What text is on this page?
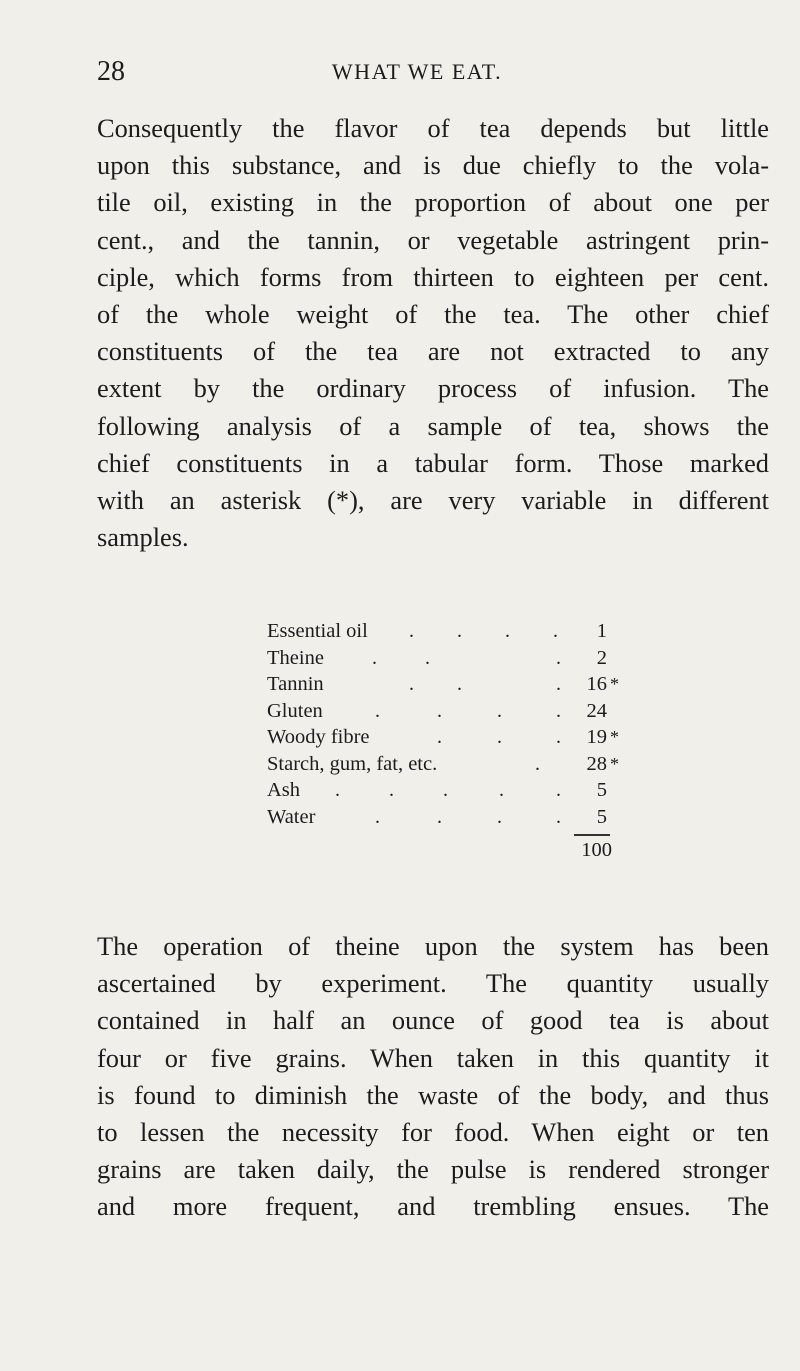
28	WHAT WE EAT.

Consequently the flavor of tea depends but little
upon this substance, and is due chiefly to the vola-
tile oil, existing in the proportion of about one per
cent., and the tannin, or vegetable astringent prin-
ciple, which forms from thirteen to eighteen per cent.
of the whole weight of the tea. The other chief
constituents of the tea are not extracted to any
extent by the ordinary process of infusion. The
following analysis of a sample of tea, shows the
chief constituents in a tabular form. Those marked
with an asterisk (*), are very variable in different
samples.

Essential oil . . . .	1
Theine . .	.	2
Tannin	. .	.	16 *
Gluten	.	.	.	.	24
Woody fibre	.	.	.	19 *
Starch, gum, fat, etc.	.	28 *
Ash . . .	.	.	5
Water	.	.	.	.	5
100

The operation of theine upon the system has been
ascertained by experiment. The quantity usually
contained in half an ounce of good tea is about
four or five grains. When taken in this quantity it
is found to diminish the waste of the body, and thus
to lessen the necessity for food. When eight or ten
grains are taken daily, the pulse is rendered stronger
and more frequent, and trembling ensues. The
